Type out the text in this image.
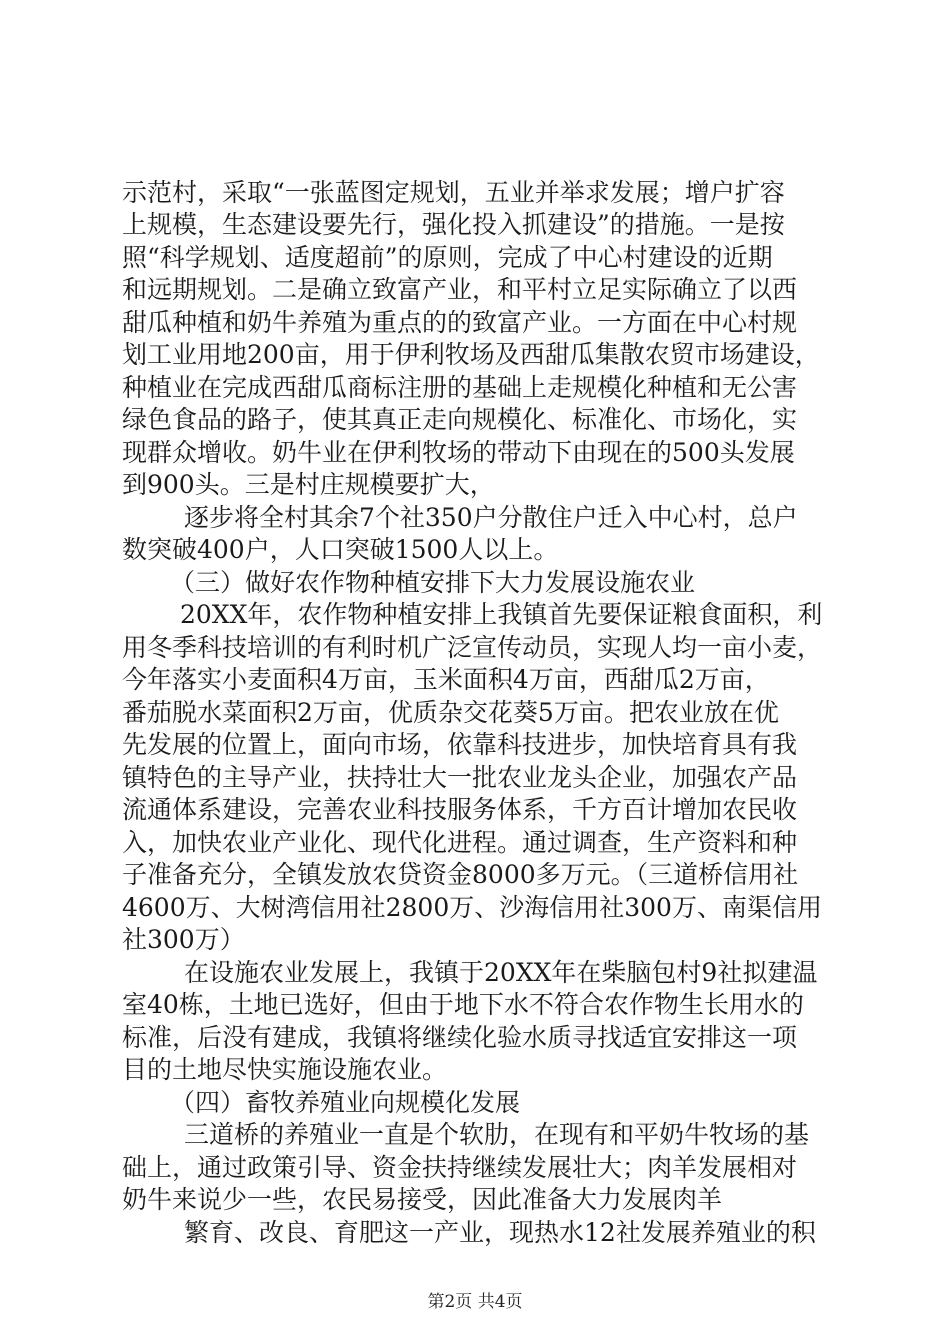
示范村，采取“一张蓝图定规划，五业并举求发展；增户扩容
上规模，生态建设要先行，强化投入抓建设”的措施。一是按
照“科学规划、适度超前”的原则，完成了中心村建设的近期
和远期规划。二是确立致富产业，和平村立足实际确立了以西
甜瓜种植和奶牛养殖为重点的的致富产业。一方面在中心村规
划工业用地200亩，用于伊利牧场及西甜瓜集散农贸市场建设，
种植业在完成西甜瓜商标注册的基础上走规模化种植和无公害
绿色食品的路子，使其真正走向规模化、标准化、市场化，实
现群众增收。奶牛业在伊利牧场的带动下由现在的500头发展
到900头。三是村庄规模要扩大，
逐步将全村其余7个社350户分散住户迁入中心村，总户
数突破400户，人口突破1500人以上。
（三）做好农作物种植安排下大力发展设施农业
20XX年，农作物种植安排上我镇首先要保证粮食面积，利
用冬季科技培训的有利时机广泛宣传动员，实现人均一亩小麦，
今年落实小麦面积4万亩，玉米面积4万亩，西甜瓜2万亩，
番茄脱水菜面积2万亩，优质杂交花葵5万亩。把农业放在优
先发展的位置上，面向市场，依靠科技进步，加快培育具有我
镇特色的主导产业，扶持壮大一批农业龙头企业，加强农产品
流通体系建设，完善农业科技服务体系，千方百计增加农民收
入，加快农业产业化、现代化进程。通过调查，生产资料和种
子准备充分，全镇发放农贷资金8000多万元。（三道桥信用社
4600万、大树湾信用社2800万、沙海信用社300万、南渠信用
社300万）
在设施农业发展上，我镇于20XX年在柴脑包村9社拟建温
室40栋，土地已选好，但由于地下水不符合农作物生长用水的
标准，后没有建成，我镇将继续化验水质寻找适宜安排这一项
目的土地尽快实施设施农业。
（四）畜牧养殖业向规模化发展
三道桥的养殖业一直是个软肋，在现有和平奶牛牧场的基
础上，通过政策引导、资金扶持继续发展壮大；肉羊发展相对
奶牛来说少一些，农民易接受，因此准备大力发展肉羊
繁育、改良、育肥这一产业，现热水12社发展养殖业的积
第2页 共4页
